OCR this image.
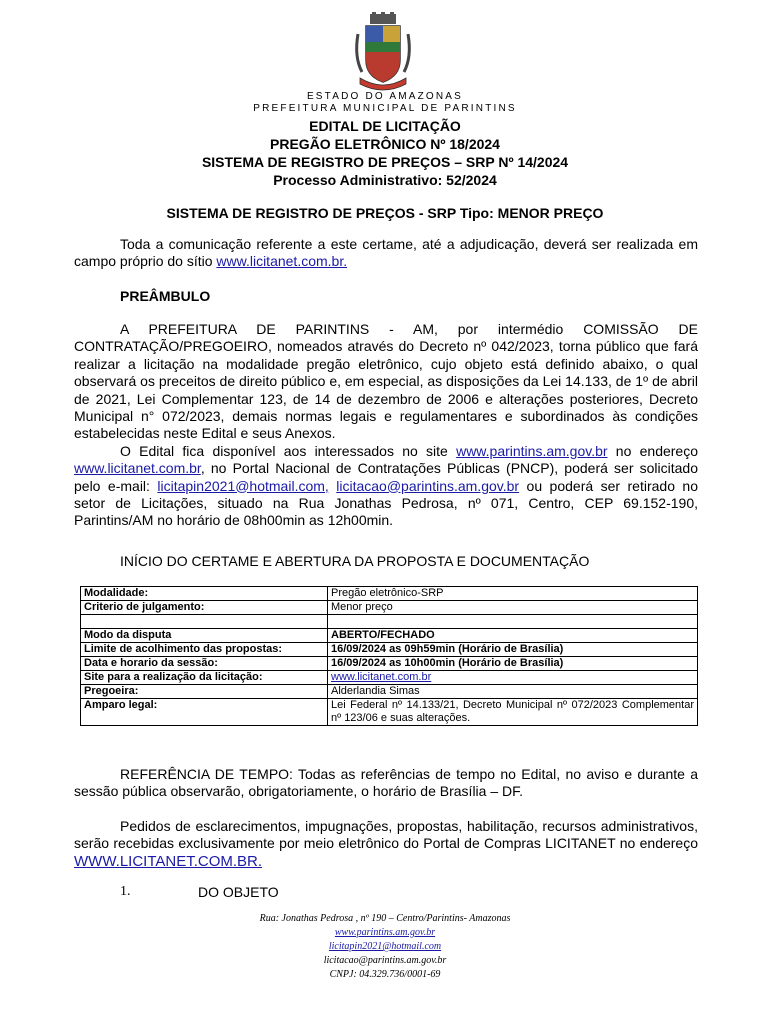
ESTADO DO AMAZONAS
PREFEITURA MUNICIPAL DE PARINTINS
EDITAL DE LICITAÇÃO
PREGÃO ELETRÔNICO Nº 18/2024
SISTEMA DE REGISTRO DE PREÇOS – SRP Nº 14/2024
Processo Administrativo: 52/2024
SISTEMA DE REGISTRO DE PREÇOS - SRP Tipo: MENOR PREÇO

Toda a comunicação referente a este certame, até a adjudicação, deverá ser realizada em campo próprio do sítio www.licitanet.com.br.

PREÂMBULO

A PREFEITURA DE PARINTINS - AM, por intermédio COMISSÃO DE CONTRATAÇÃO/PREGOEIRO, nomeados através do Decreto nº 042/2023, torna público que fará realizar a licitação na modalidade pregão eletrônico, cujo objeto está definido abaixo, o qual observará os preceitos de direito público e, em especial, as disposições da Lei 14.133, de 1º de abril de 2021, Lei Complementar 123, de 14 de dezembro de 2006 e alterações posteriores, Decreto Municipal n° 072/2023, demais normas legais e regulamentares e subordinados às condições estabelecidas neste Edital e seus Anexos.

O Edital fica disponível aos interessados no site www.parintins.am.gov.br no endereço www.licitanet.com.br, no Portal Nacional de Contratações Públicas (PNCP), poderá ser solicitado pelo e-mail: licitapin2021@hotmail.com, licitacao@parintins.am.gov.br ou poderá ser retirado no setor de Licitações, situado na Rua Jonathas Pedrosa, nº 071, Centro, CEP 69.152-190, Parintins/AM no horário de 08h00min as 12h00min.

INÍCIO DO CERTAME E ABERTURA DA PROPOSTA E DOCUMENTAÇÃO
Modalidade:	Pregão eletrônico-SRP
Criterio de julgamento:	Menor preço

Modo da disputa	ABERTO/FECHADO
Limite de acolhimento das propostas:	16/09/2024 as 09h59min (Horário de Brasília)
Data e horario da sessão:	16/09/2024 as 10h00min (Horário de Brasília)
Site para a realização da licitação:	www.licitanet.com.br
Pregoeira:	Alderlandia Simas
Amparo legal:	Lei Federal nº 14.133/21, Decreto Municipal nº 072/2023 Complementar nº 123/06 e suas alterações.

REFERÊNCIA DE TEMPO: Todas as referências de tempo no Edital, no aviso e durante a sessão pública observarão, obrigatoriamente, o horário de Brasília – DF.

Pedidos de esclarecimentos, impugnações, propostas, habilitação, recursos administrativos, serão recebidas exclusivamente por meio eletrônico do Portal de Compras LICITANET no endereço WWW.LICITANET.COM.BR.

1.	DO OBJETO
Rua: Jonathas Pedrosa , nº 190 – Centro/Parintins- Amazonas
www.parintins.am.gov.br
licitapin2021@hotmail.com
licitacao@parintins.am.gov.br
CNPJ: 04.329.736/0001-69
